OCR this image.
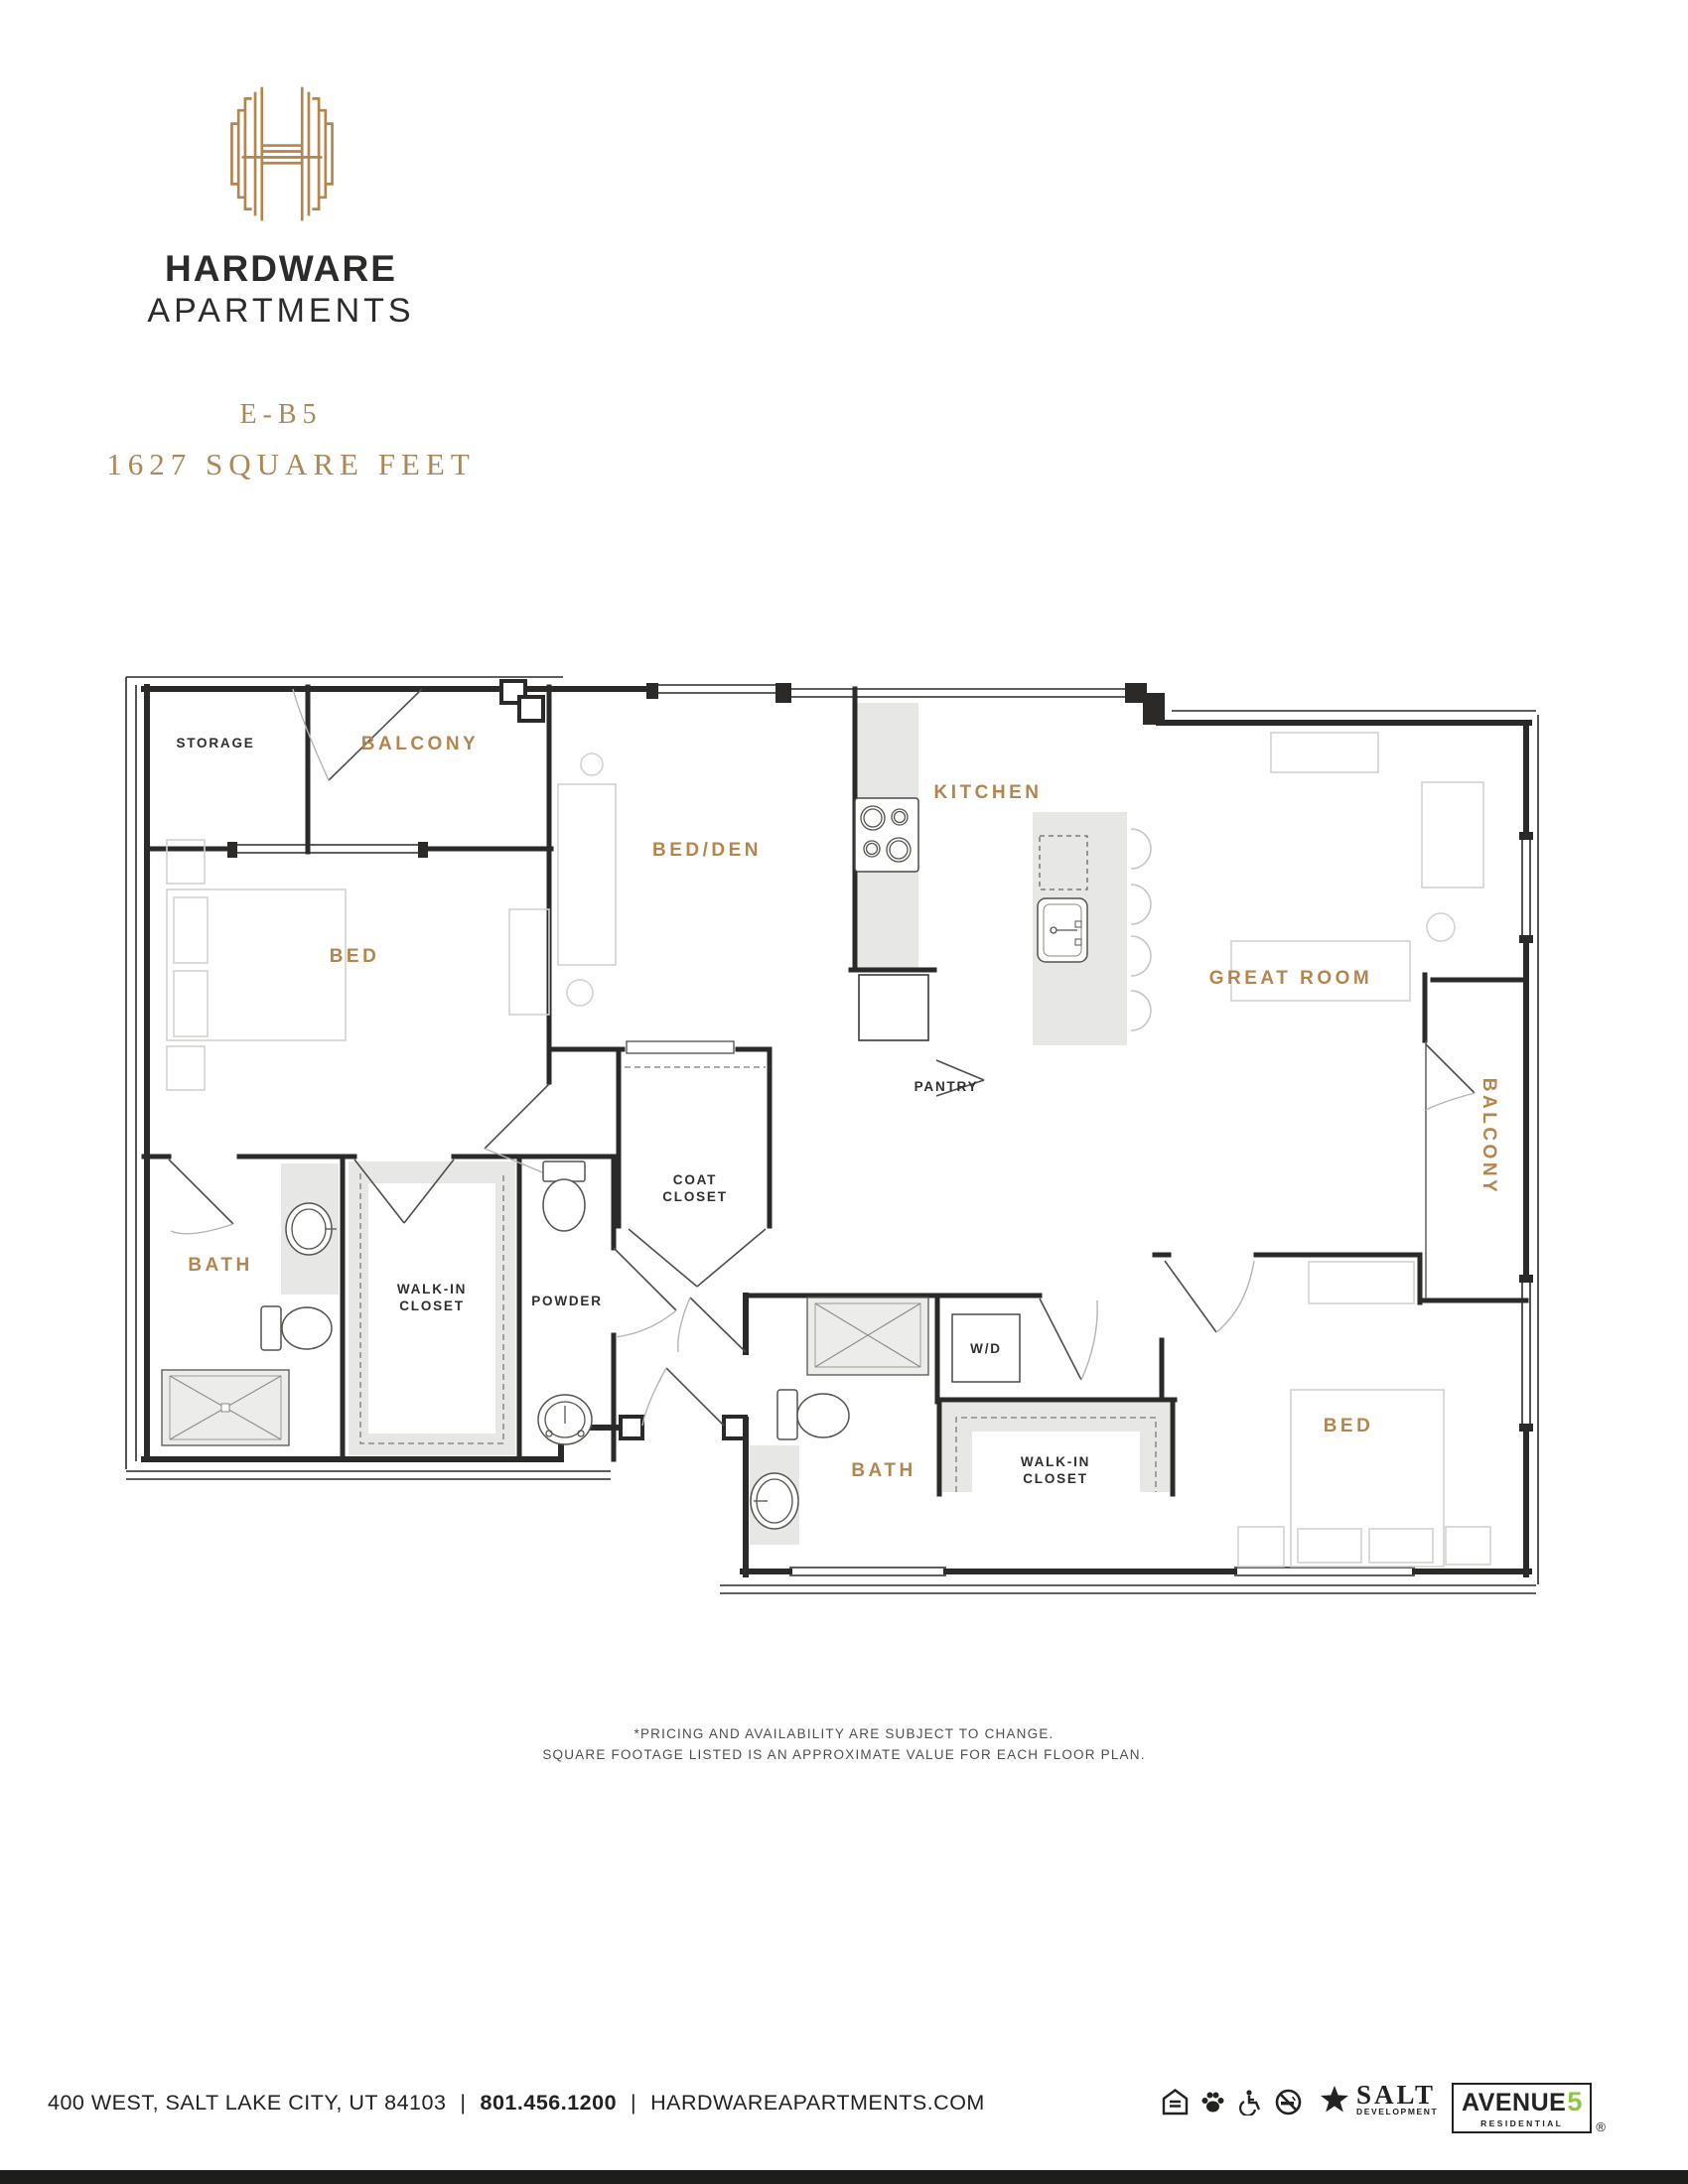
HARDWARE
APARTMENTS
E-B5
1627 SQUARE FEET
STORAGE	BALCONY
BED/DEN
KITCHEN
GREAT ROOM
BALCONY
BED
BATH
WALK-IN
CLOSET	POWDER
COAT
CLOSET
PANTRY
W/D
BATH	WALK-IN
CLOSET
BED
*PRICING AND AVAILABILITY ARE SUBJECT TO CHANGE.
SQUARE FOOTAGE LISTED IS AN APPROXIMATE VALUE FOR EACH FLOOR PLAN.
400 WEST, SALT LAKE CITY, UT 84103 | 801.456.1200 | HARDWAREAPARTMENTS.COM	SALT
DEVELOPMENT AVENUE 5
RESIDENTIAL	®
